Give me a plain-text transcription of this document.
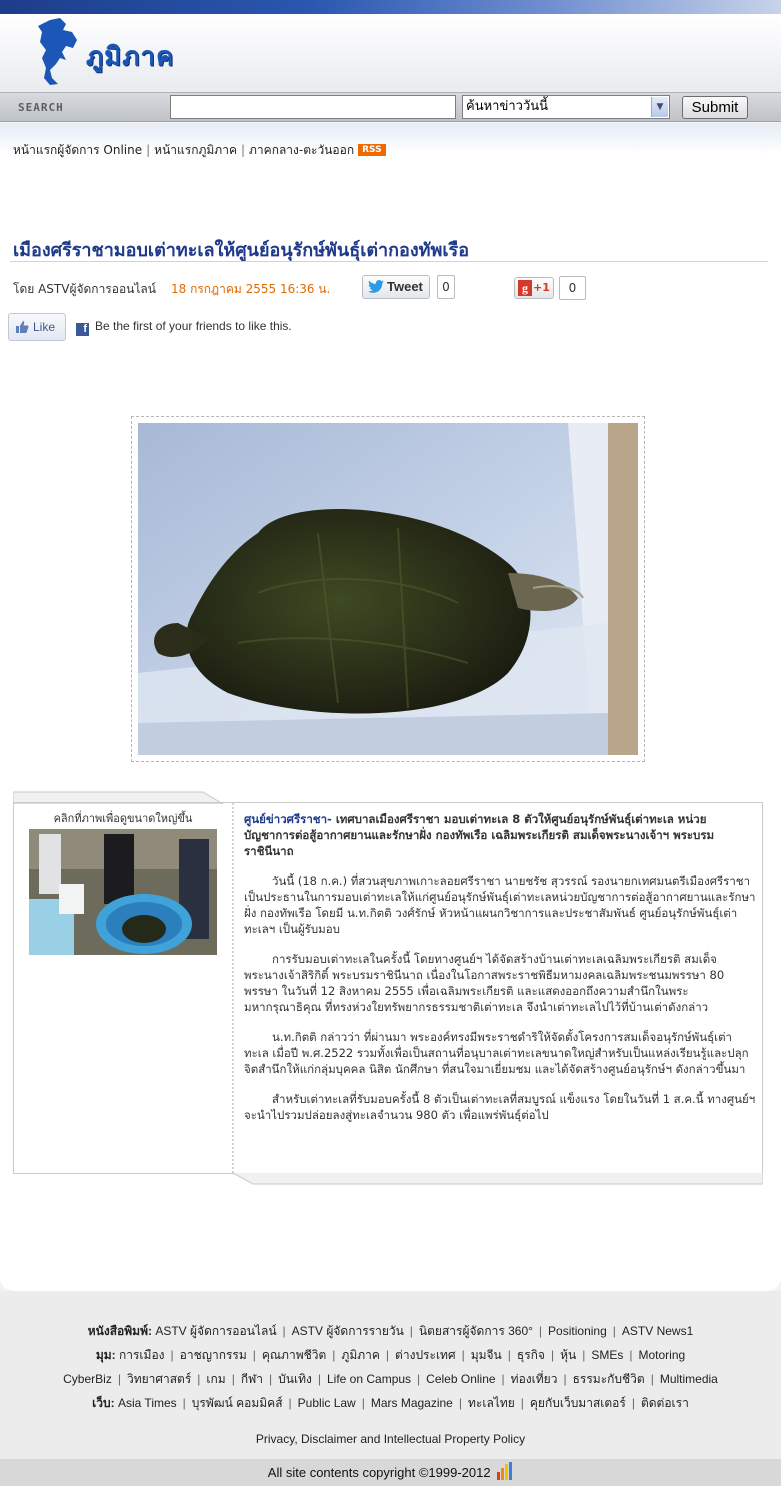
ภูมิภาค
SEARCH	ค้นหาข่าววันนี้	▼	Submit
หน้าแรกผู้จัดการ Online | หน้าแรกภูมิภาค | ภาคกลาง-ตะวันออก RSS
เมืองศรีราชามอบเต่าทะเลให้ศูนย์อนุรักษ์พันธุ์เต่ากองทัพเรือ
โดย ASTVผู้จัดการออนไลน์ 18 กรกฎาคม 2555 16:36 น.	Tweet	0	g +1	0
Like	f Be the first of your friends to like this.
คลิกที่ภาพเพื่อดูขนาดใหญ่ขึ้น	ศูนย์ข่าวศรีราชา- เทศบาลเมืองศรีราชา มอบเต่าทะเล 8 ตัวให้ศูนย์อนุรักษ์พันธุ์เต่าทะเล หน่วยบัญชาการต่อสู้อากาศยานและรักษาฝั่ง กองทัพเรือ เฉลิมพระเกียรติ สมเด็จพระนางเจ้าฯ พระบรมราชินีนาถ
วันนี้ (18 ก.ค.) ที่สวนสุขภาพเกาะลอยศรีราชา นายชรัช สุวรรณ์ รองนายกเทศมนตรีเมืองศรีราชา เป็นประธานในการมอบเต่าทะเลให้แก่ศูนย์อนุรักษ์พันธุ์เต่าทะเลหน่วยบัญชาการต่อสู้อากาศยานและรักษาฝั่ง กองทัพเรือ โดยมี น.ท.กิตติ วงศ์รักษ์ หัวหน้าแผนกวิชาการและประชาสัมพันธ์ ศูนย์อนุรักษ์พันธุ์เต่าทะเลฯ เป็นผู้รับมอบ
การรับมอบเต่าทะเลในครั้งนี้ โดยทางศูนย์ฯ ได้จัดสร้างบ้านเต่าทะเลเฉลิมพระเกียรติ สมเด็จพระนางเจ้าสิริกิติ์ พระบรมราชินีนาถ เนื่องในโอกาสพระราชพิธีมหามงคลเฉลิมพระชนมพรรษา 80 พรรษา ในวันที่ 12 สิงหาคม 2555 เพื่อเฉลิมพระเกียรติ และแสดงออกถึงความสำนึกในพระมหากรุณาธิคุณ ที่ทรงห่วงใยทรัพยากรธรรมชาติเต่าทะเล จึงนำเต่าทะเลไปไว้ที่บ้านเต่าดังกล่าว
น.ท.กิตติ กล่าวว่า ที่ผ่านมา พระองค์ทรงมีพระราชดำริให้จัดตั้งโครงการสมเด็จอนุรักษ์พันธุ์เต่าทะเล เมื่อปี พ.ศ.2522 รวมทั้งเพื่อเป็นสถานที่อนุบาลเต่าทะเลขนาดใหญ่สำหรับเป็นแหล่งเรียนรู้และปลุกจิตสำนึกให้แก่กลุ่มบุคคล นิสิต นักศึกษา ที่สนใจมาเยี่ยมชม และได้จัดสร้างศูนย์อนุรักษ์ฯ ดังกล่าวขึ้นมา
สำหรับเต่าทะเลที่รับมอบครั้งนี้ 8 ตัวเป็นเต่าทะเลที่สมบูรณ์ แข็งแรง โดยในวันที่ 1 ส.ค.นี้ ทางศูนย์ฯ จะนำไปรวมปล่อยลงสู่ทะเลจำนวน 980 ตัว เพื่อแพร่พันธุ์ต่อไป
หนังสือพิมพ์: ASTV ผู้จัดการออนไลน์ | ASTV ผู้จัดการรายวัน | นิตยสารผู้จัดการ 360° | Positioning | ASTV News1
มุม: การเมือง | อาชญากรรม | คุณภาพชีวิต | ภูมิภาค | ต่างประเทศ | มุมจีน | ธุรกิจ | หุ้น | SMEs | Motoring
CyberBiz | วิทยาศาสตร์ | เกม | กีฬา | บันเทิง | Life on Campus | Celeb Online | ท่องเที่ยว | ธรรมะกับชีวิต | Multimedia
เว็บ: Asia Times | บุรพัฒน์ คอมมิคส์ | Public Law | Mars Magazine | ทะเลไทย | คุยกับเว็บมาสเตอร์ | ติดต่อเรา
Privacy, Disclaimer and Intellectual Property Policy
All site contents copyright ©1999-2012
